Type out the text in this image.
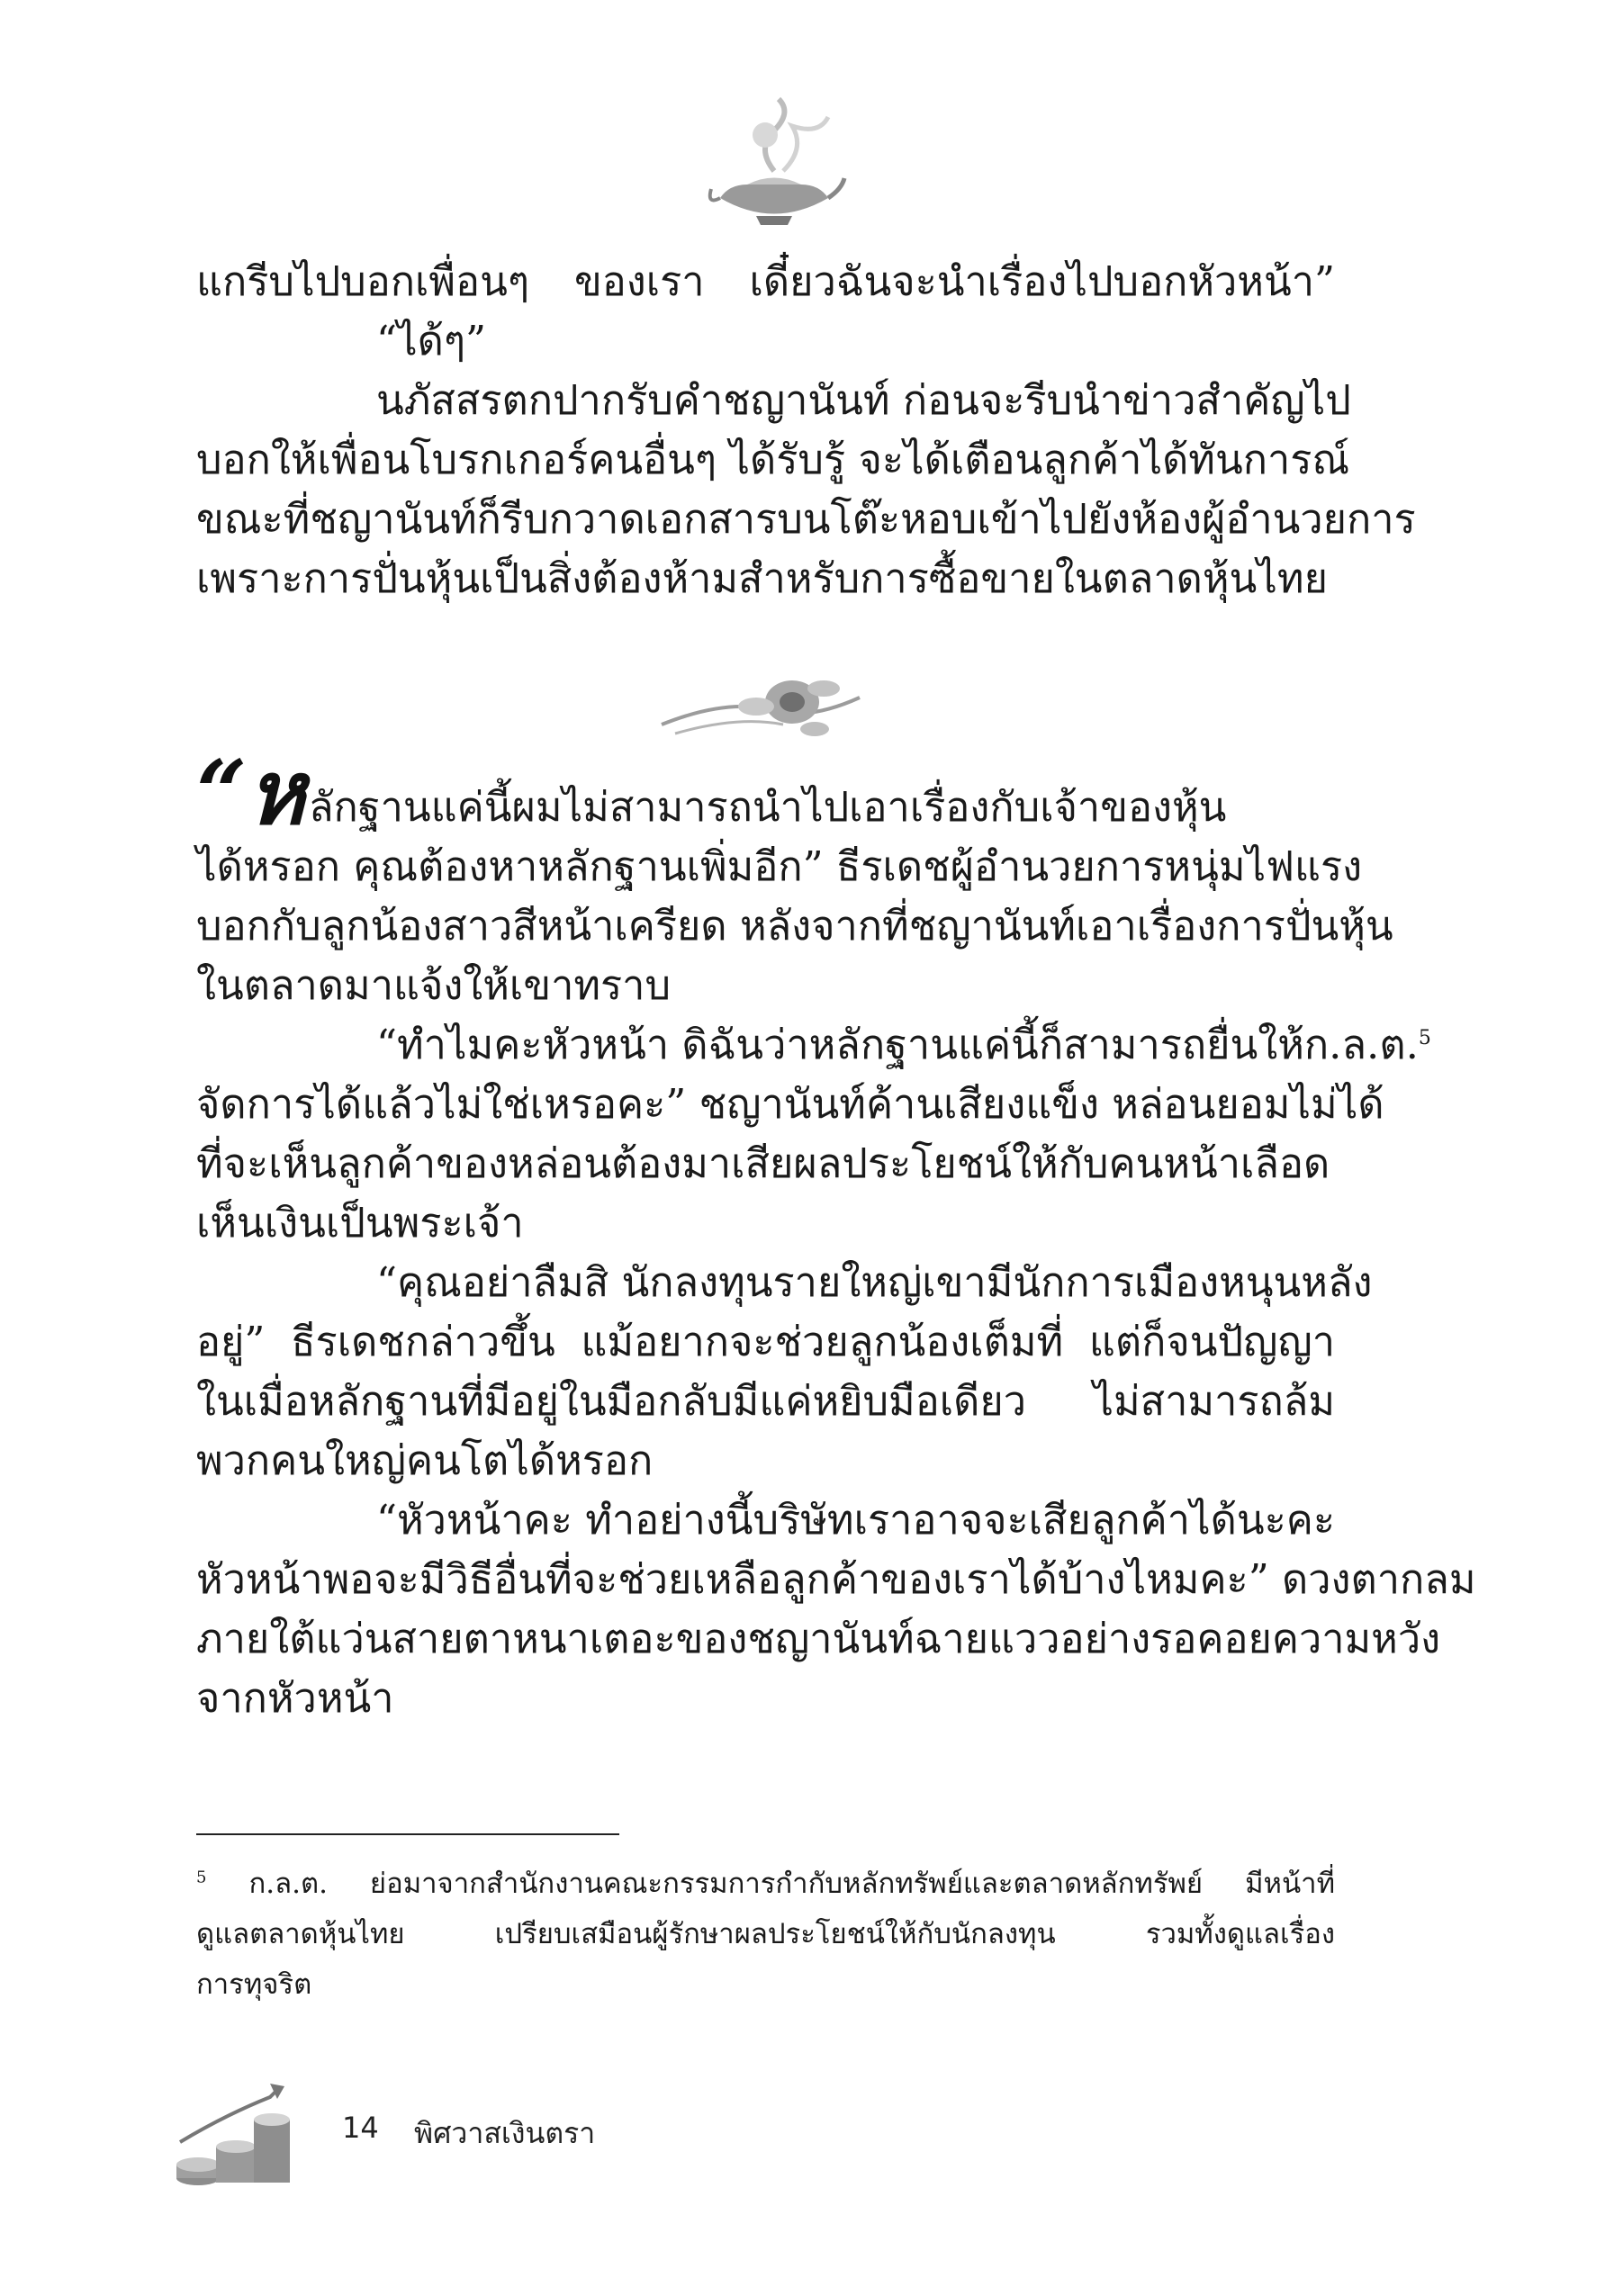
แกรีบไปบอกเพื่อนๆ ของเรา เดี๋ยวฉันจะนำเรื่องไปบอกหัวหน้า”
“ได้ๆ”
นภัสสรตกปากรับคำชญานันท์ ก่อนจะรีบนำข่าวสำคัญไป
บอกให้เพื่อนโบรกเกอร์คนอื่นๆ ได้รับรู้ จะได้เตือนลูกค้าได้ทันการณ์
ขณะที่ชญานันท์ก็รีบกวาดเอกสารบนโต๊ะหอบเข้าไปยังห้องผู้อำนวยการ
เพราะการปั่นหุ้นเป็นสิ่งต้องห้ามสำหรับการซื้อขายในตลาดหุ้นไทย
“ห ลักฐานแค่นี้ผมไม่สามารถนำไปเอาเรื่องกับเจ้าของหุ้น
ได้หรอก คุณต้องหาหลักฐานเพิ่มอีก” ธีรเดชผู้อำนวยการหนุ่มไฟแรง
บอกกับลูกน้องสาวสีหน้าเครียด หลังจากที่ชญานันท์เอาเรื่องการปั่นหุ้น
ในตลาดมาแจ้งให้เขาทราบ
“ทำไมคะหัวหน้า ดิฉันว่าหลักฐานแค่นี้ก็สามารถยื่นให้ก.ล.ต.$^5$
จัดการได้แล้วไม่ใช่เหรอคะ” ชญานันท์ค้านเสียงแข็ง หล่อนยอมไม่ได้
ที่จะเห็นลูกค้าของหล่อนต้องมาเสียผลประโยชน์ให้กับคนหน้าเลือด
เห็นเงินเป็นพระเจ้า
“คุณอย่าลืมสิ นักลงทุนรายใหญ่เขามีนักการเมืองหนุนหลัง
อยู่” ธีรเดชกล่าวขึ้น แม้อยากจะช่วยลูกน้องเต็มที่ แต่ก็จนปัญญา
ในเมื่อหลักฐานที่มีอยู่ในมือกลับมีแค่หยิบมือเดียว ไม่สามารถล้ม
พวกคนใหญ่คนโตได้หรอก
“หัวหน้าคะ ทำอย่างนี้บริษัทเราอาจจะเสียลูกค้าได้นะคะ
หัวหน้าพอจะมีวิธีอื่นที่จะช่วยเหลือลูกค้าของเราได้บ้างไหมคะ” ดวงตากลม
ภายใต้แว่นสายตาหนาเตอะของชญานันท์ฉายแววอย่างรอคอยความหวัง
จากหัวหน้า
$^5$ ก.ล.ต. ย่อมาจากสำนักงานคณะกรรมการกำกับหลักทรัพย์และตลาดหลักทรัพย์ มีหน้าที่
ดูแลตลาดหุ้นไทย เปรียบเสมือนผู้รักษาผลประโยชน์ให้กับนักลงทุน รวมทั้งดูแลเรื่อง
การทุจริต
14 พิศวาสเงินตรา
